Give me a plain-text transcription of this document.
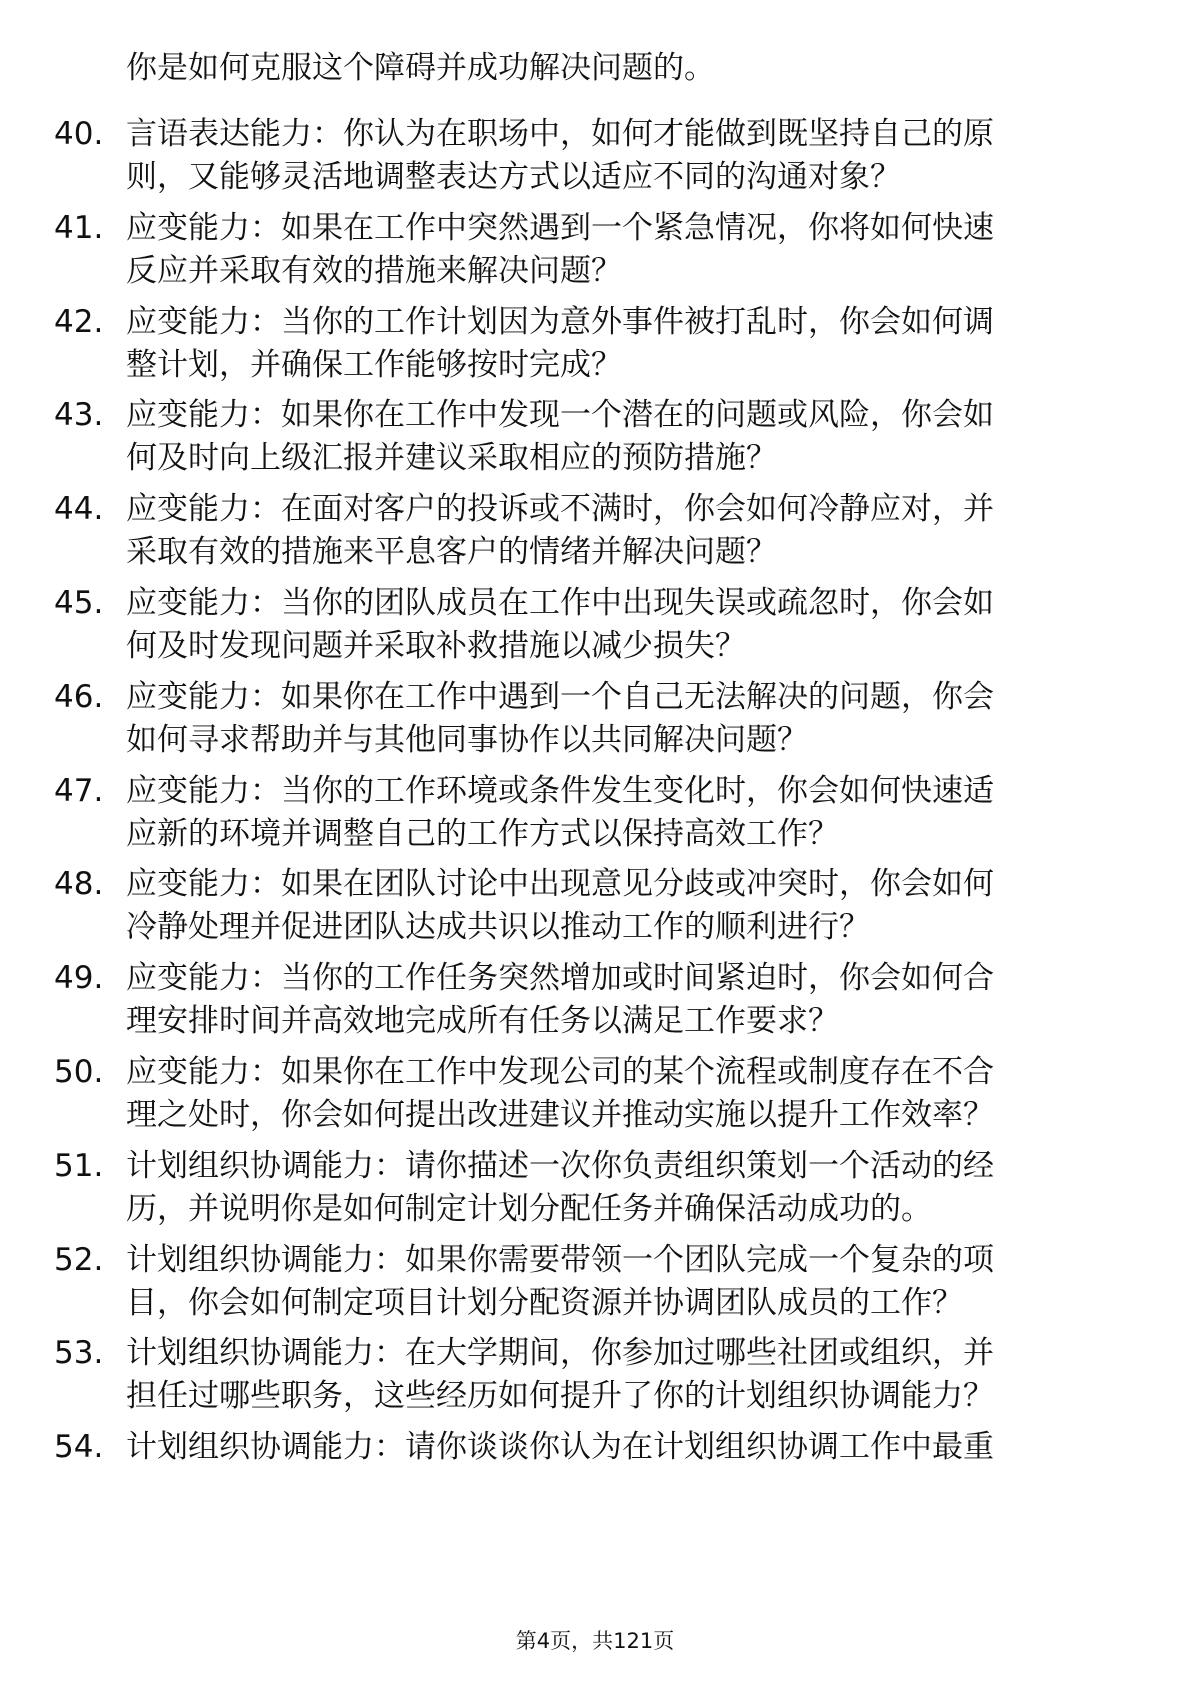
你是如何克服这个障碍并成功解决问题的。
40. 言语表达能力：你认为在职场中，如何才能做到既坚持自己的原
则，又能够灵活地调整表达方式以适应不同的沟通对象？
41. 应变能力：如果在工作中突然遇到一个紧急情况，你将如何快速
反应并采取有效的措施来解决问题？
42. 应变能力：当你的工作计划因为意外事件被打乱时，你会如何调
整计划，并确保工作能够按时完成？
43. 应变能力：如果你在工作中发现一个潜在的问题或风险，你会如
何及时向上级汇报并建议采取相应的预防措施？
44. 应变能力：在面对客户的投诉或不满时，你会如何冷静应对，并
采取有效的措施来平息客户的情绪并解决问题？
45. 应变能力：当你的团队成员在工作中出现失误或疏忽时，你会如
何及时发现问题并采取补救措施以减少损失？
46. 应变能力：如果你在工作中遇到一个自己无法解决的问题，你会
如何寻求帮助并与其他同事协作以共同解决问题？
47. 应变能力：当你的工作环境或条件发生变化时，你会如何快速适
应新的环境并调整自己的工作方式以保持高效工作？
48. 应变能力：如果在团队讨论中出现意见分歧或冲突时，你会如何
冷静处理并促进团队达成共识以推动工作的顺利进行？
49. 应变能力：当你的工作任务突然增加或时间紧迫时，你会如何合
理安排时间并高效地完成所有任务以满足工作要求？
50. 应变能力：如果你在工作中发现公司的某个流程或制度存在不合
理之处时，你会如何提出改进建议并推动实施以提升工作效率？
51. 计划组织协调能力：请你描述一次你负责组织策划一个活动的经
历，并说明你是如何制定计划分配任务并确保活动成功的。
52. 计划组织协调能力：如果你需要带领一个团队完成一个复杂的项
目，你会如何制定项目计划分配资源并协调团队成员的工作？
53. 计划组织协调能力：在大学期间，你参加过哪些社团或组织，并
担任过哪些职务，这些经历如何提升了你的计划组织协调能力？
54. 计划组织协调能力：请你谈谈你认为在计划组织协调工作中最重
第4页，共121页
